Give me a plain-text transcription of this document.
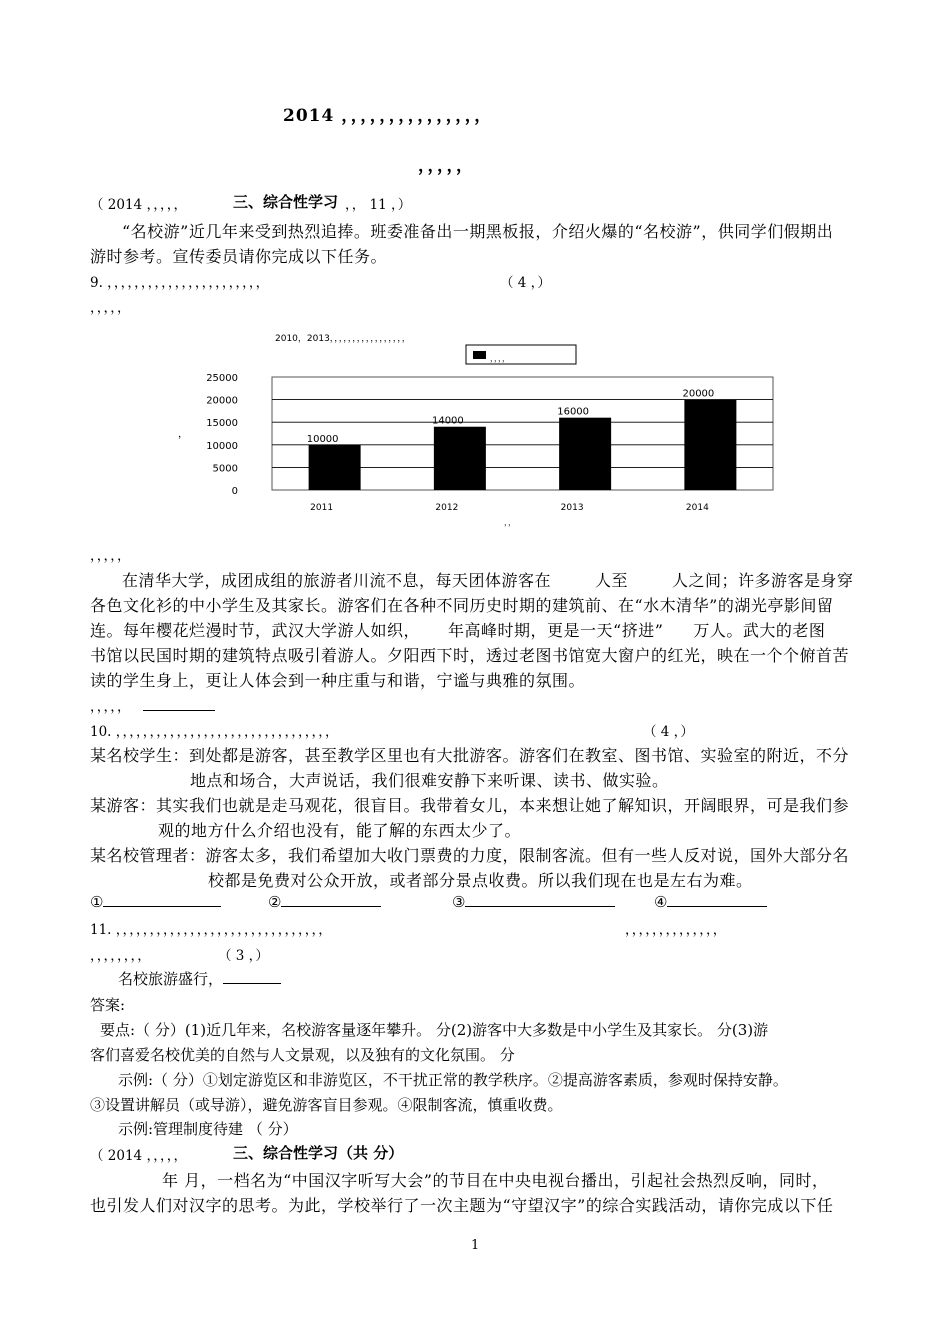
2014 ，，，，，，，，，，，，，，，
，，，，，
（ 2014 ，，，，，	三、综合性学习 ，， 11 ，）
“名校游”近几年来受到热烈追捧。班委准备出一期黑板报，介绍火爆的“名校游”，供同学们假期出
游时参考。宣传委员请你完成以下任务。
9. ，，，，，，，，，，，，，，，，，，，，，，，	（ 4 ，）
，，，，，
2010，2013，，，，，，，，，，，，，，，，，
，，，，
，
，，
0
5000
10000
15000
20000
25000
10000
2011
14000
2012
16000
2013
20000
2014
，，，，，
在清华大学，成团成组的旅游者川流不息，每天团体游客在	人至	人之间；许多游客是身穿
各色文化衫的中小学生及其家长。游客们在各种不同历史时期的建筑前、在“水木清华”的湖光亭影间留
连。每年樱花烂漫时节，武汉大学游人如织， 年高峰时期，更是一天“挤进” 万人。武大的老图
书馆以民国时期的建筑特点吸引着游人。夕阳西下时，透过老图书馆宽大窗户的红光，映在一个个俯首苦
读的学生身上，更让人体会到一种庄重与和谐，宁谧与典雅的氛围。
，，，，，
10. ，，，，，，，，，，，，，，，，，，，，，，，，，，，，，，，，	（ 4 ，）
某名校学生：到处都是游客，甚至教学区里也有大批游客。游客们在教室、图书馆、实验室的附近，不分
地点和场合，大声说话，我们很难安静下来听课、读书、做实验。
某游客：其实我们也就是走马观花，很盲目。我带着女儿，本来想让她了解知识，开阔眼界，可是我们参
观的地方什么介绍也没有，能了解的东西太少了。
某名校管理者：游客太多，我们希望加大收门票费的力度，限制客流。但有一些人反对说，国外大部分名
校都是免费对公众开放，或者部分景点收费。所以我们现在也是左右为难。
①	②	③	④
11. ，，，，，，，，，，，，，，，，，，，，，，，，，，，，，，，	，，，，，，，，，，，，，，
，，，，，，，，	（ 3 ，）
名校旅游盛行，
答案:
要点:（ 分）(1)近几年来，名校游客量逐年攀升。 分(2)游客中大多数是中小学生及其家长。 分(3)游
客们喜爱名校优美的自然与人文景观，以及独有的文化氛围。 分
示例:（ 分）①划定游览区和非游览区，不干扰正常的教学秩序。②提高游客素质，参观时保持安静。
③设置讲解员（或导游），避免游客盲目参观。④限制客流，慎重收费。
示例:管理制度待建 （ 分）
（ 2014 ，，，，，	三、综合性学习（共 分）
年 月，一档名为“中国汉字听写大会”的节目在中央电视台播出，引起社会热烈反响，同时，
也引发人们对汉字的思考。为此，学校举行了一次主题为“守望汉字”的综合实践活动，请你完成以下任
1
